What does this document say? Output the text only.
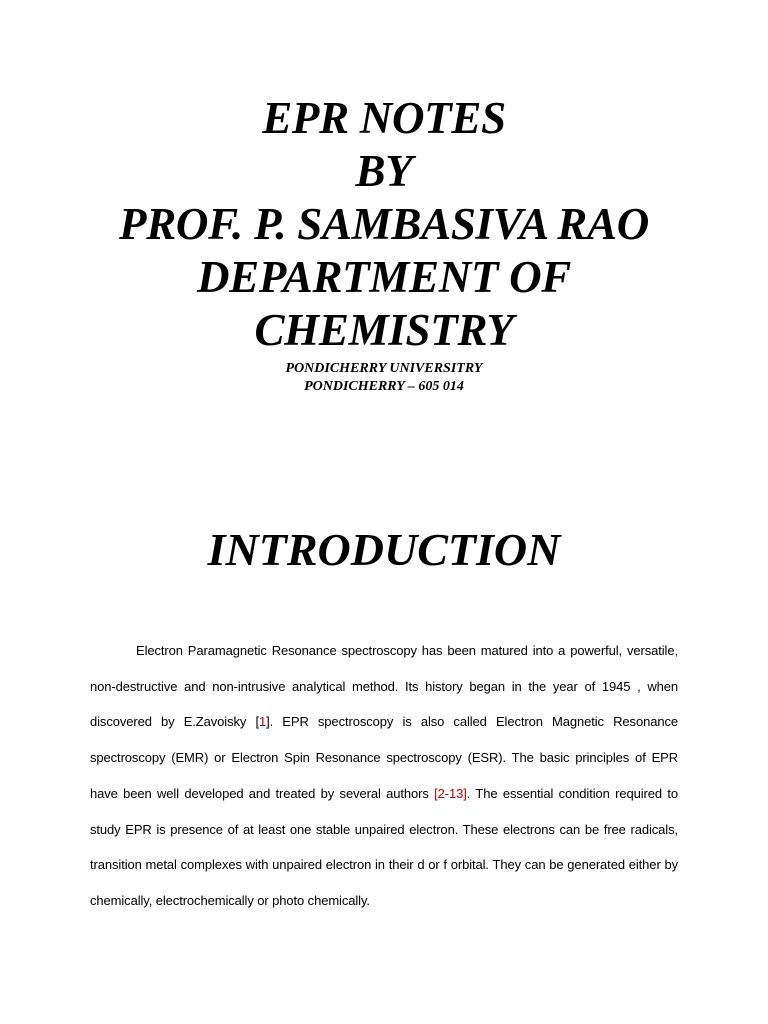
EPR NOTES
BY
PROF. P. SAMBASIVA RAO
DEPARTMENT OF
CHEMISTRY
PONDICHERRY UNIVERSITRY
PONDICHERRY – 605 014
INTRODUCTION

Electron Paramagnetic Resonance spectroscopy has been matured into a powerful, versatile, non-destructive and non-intrusive analytical method. Its history began in the year of 1945 , when discovered by E.Zavoisky [1]. EPR spectroscopy is also called Electron Magnetic Resonance spectroscopy (EMR) or Electron Spin Resonance spectroscopy (ESR). The basic principles of EPR have been well developed and treated by several authors [2-13]. The essential condition required to study EPR is presence of at least one stable unpaired electron. These electrons can be free radicals, transition metal complexes with unpaired electron in their d or f orbital. They can be generated either by chemically, electrochemically or photo chemically.
